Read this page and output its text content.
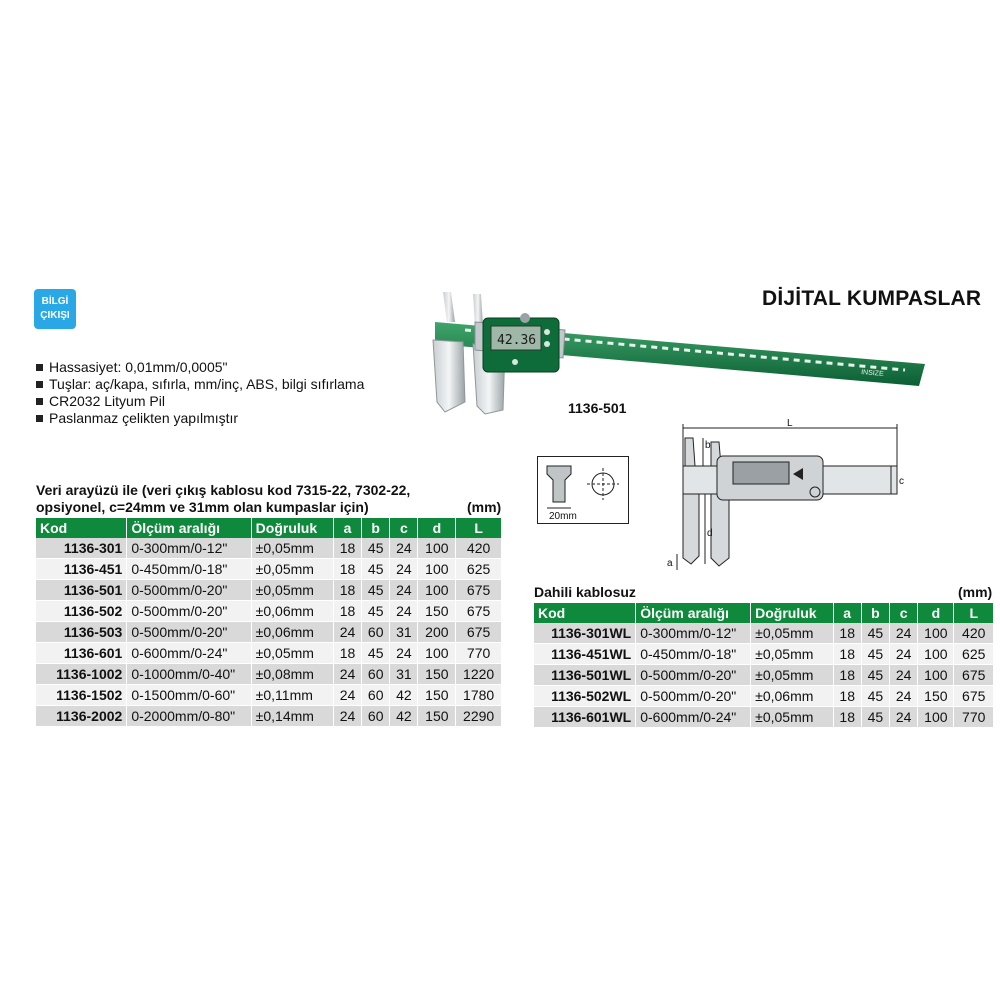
BİLGİ
ÇIKIŞI
DİJİTAL KUMPASLAR
Hassasiyet: 0,01mm/0,0005"
Tuşlar: aç/kapa, sıfırla, mm/inç, ABS, bilgi sıfırlama
CR2032 Lityum Pil
Paslanmaz çelikten yapılmıştır
42.36
INSIZE
1136-501
20mm
L
b
c
d
a
Veri arayüzü ile (veri çıkış kablosu kod 7315-22, 7302-22,
opsiyonel, c=24mm ve 31mm olan kumpaslar için)	(mm)
Kod	Ölçüm aralığı	Doğruluk	a	b	c	d	L
1136-301	0-300mm/0-12"	±0,05mm	18	45	24	100	420
1136-451	0-450mm/0-18"	±0,05mm	18	45	24	100	625
1136-501	0-500mm/0-20"	±0,05mm	18	45	24	100	675
1136-502	0-500mm/0-20"	±0,06mm	18	45	24	150	675
1136-503	0-500mm/0-20"	±0,06mm	24	60	31	200	675
1136-601	0-600mm/0-24"	±0,05mm	18	45	24	100	770
1136-1002	0-1000mm/0-40"	±0,08mm	24	60	31	150	1220
1136-1502	0-1500mm/0-60"	±0,11mm	24	60	42	150	1780
1136-2002	0-2000mm/0-80"	±0,14mm	24	60	42	150	2290
Dahili kablosuz	(mm)
Kod	Ölçüm aralığı	Doğruluk	a	b	c	d	L
1136-301WL	0-300mm/0-12"	±0,05mm	18	45	24	100	420
1136-451WL	0-450mm/0-18"	±0,05mm	18	45	24	100	625
1136-501WL	0-500mm/0-20"	±0,05mm	18	45	24	100	675
1136-502WL	0-500mm/0-20"	±0,06mm	18	45	24	150	675
1136-601WL	0-600mm/0-24"	±0,05mm	18	45	24	100	770
